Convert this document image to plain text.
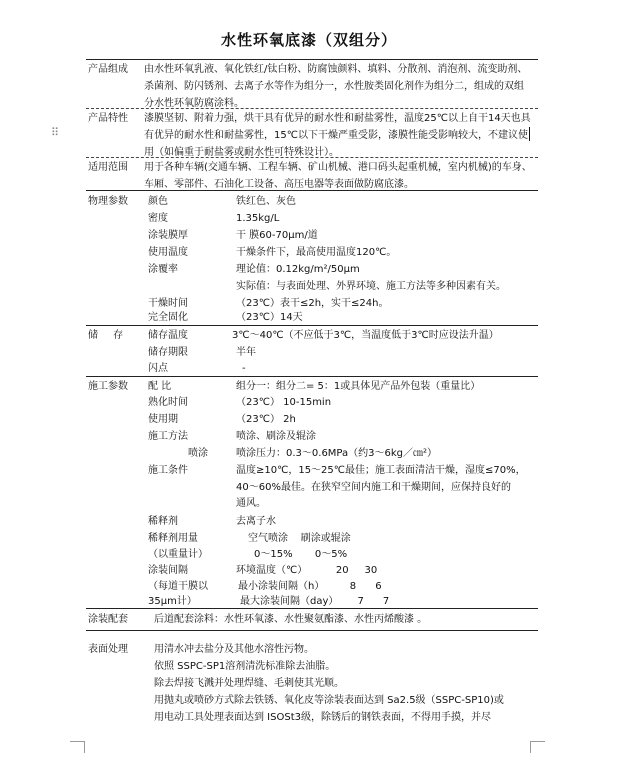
水性环氧底漆（双组分）
产品组成	由水性环氧乳液、氧化铁红/钛白粉、防腐蚀颜料、填料、分散剂、消泡剂、流变助剂、杀菌剂、防闪锈剂、去离子水等作为组分一，水性胺类固化剂作为组分二，组成的双组分水性环氧防腐涂料。
产品特性	漆膜坚韧、附着力强，烘干具有优异的耐水性和耐盐雾性，温度25℃以上自干14天也具有优异的耐水性和耐盐雾性，15℃以下干燥严重受影，漆膜性能受影响较大，不建议使用（如偏重于耐盐雾或耐水性可特殊设计）。
适用范围	用于各种车辆(交通车辆、工程车辆、矿山机械、港口码头起重机械，室内机械)的车身、车厢、零部件、石油化工设备、高压电器等表面做防腐底漆。
物理参数	颜色	铁红色、灰色
密度	1.35kg/L
涂装膜厚	干 膜60-70μm/道
使用温度	干燥条件下，最高使用温度120℃。
涂覆率	理论值：0.12kg/m²/50μm
实际值：与表面处理、外界环境、施工方法等多种因素有关。
干燥时间	（23℃）表干≤2h，实干≤24h。
完全固化	（23℃）14天
储 存	储存温度	3℃～40℃（不应低于3℃，当温度低于3℃时应设法升温）
储存期限	半年
闪点	-
施工参数	配 比	组分一：组分二= 5：1或具体见产品外包装（重量比）
熟化时间	（23℃） 10-15min
使用期	（23℃） 2h
施工方法	喷涂、刷涂及辊涂
喷涂	喷涂压力：0.3～0.6MPa（约3～6kg／㎝²）
施工条件	温度≥10℃，15～25℃最佳；施工表面清洁干燥，湿度≤70%，
40～60%最佳。在狭窄空间内施工和干燥期间，应保持良好的
通风。
稀释剂	去离子水
稀释剂用量	空气喷涂    刷涂或辊涂
（以重量计）	0～15%       0～5%
涂装间隔	环境温度（℃）         20     30
（每道干膜以	最小涂装间隔（h）        8      6
35μm计）	最大涂装间隔（day）      7      7
涂装配套	后道配套涂料：水性环氧漆、水性聚氨酯漆、水性丙烯酸漆 。
表面处理	用清水冲去盐分及其他水溶性污物。
依照 SSPC-SP1溶剂清洗标准除去油脂。
除去焊接飞溅并处理焊缝、毛刺使其光顺。
用抛丸或喷砂方式除去铁锈、氧化皮等涂装表面达到 Sa2.5级（SSPC-SP10)或
用电动工具处理表面达到 ISOSt3级，除锈后的钢铁表面，不得用手摸，并尽
⠿
